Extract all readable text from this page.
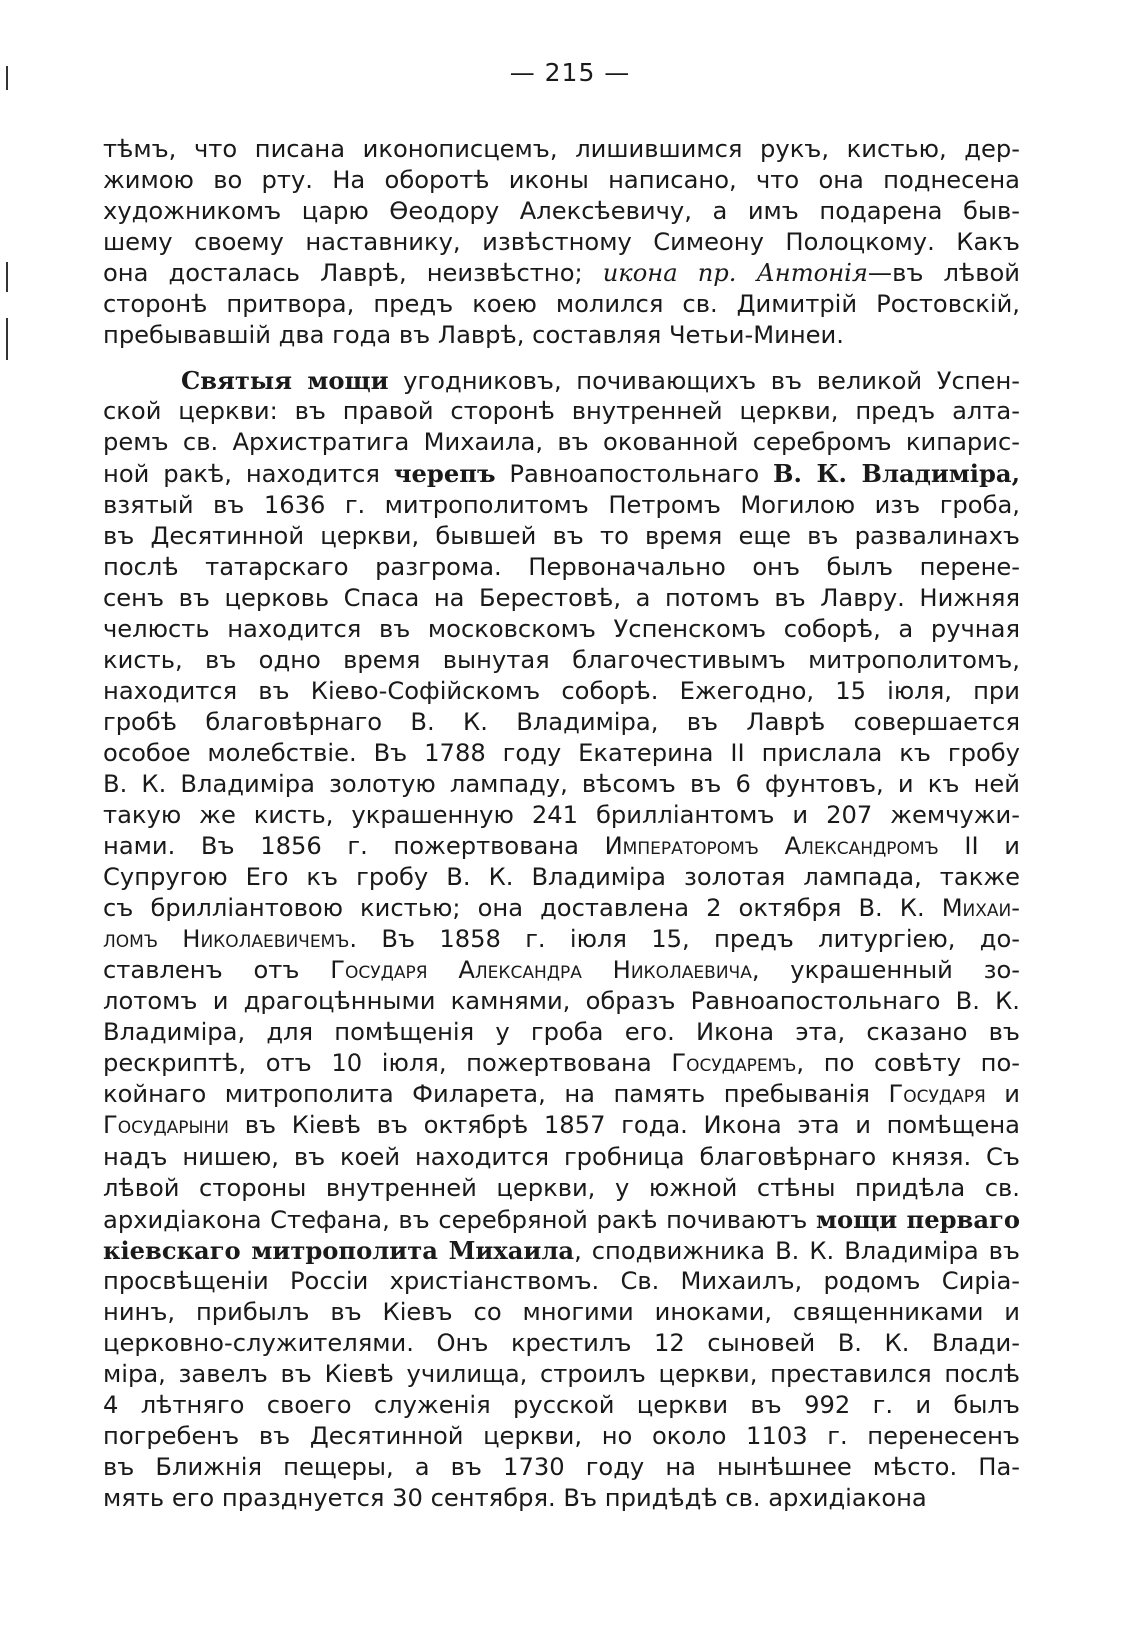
— 215 —
тѣмъ, что писана иконописцемъ, лишившимся рукъ, кистью, дер-
жимою во рту. На оборотѣ иконы написано, что она поднесена
художникомъ царю Ѳеодору Алексѣевичу, а имъ подарена быв-
шему своему наставнику, извѣстному Симеону Полоцкому. Какъ
она досталась Лаврѣ, неизвѣстно; икона пр. Антонія—въ лѣвой
сторонѣ притвора, предъ коею молился св. Димитрій Ростовскій,
пребывавшій два года въ Лаврѣ, составляя Четьи-Минеи.
Святыя мощи угодниковъ, почивающихъ въ великой Успен-
ской церкви: въ правой сторонѣ внутренней церкви, предъ алта-
ремъ св. Архистратига Михаила, въ окованной серебромъ кипарис-
ной ракѣ, находится черепъ Равноапостольнаго В. К. Владиміра,
взятый въ 1636 г. митрополитомъ Петромъ Могилою изъ гроба,
въ Десятинной церкви, бывшей въ то время еще въ развалинахъ
послѣ татарскаго разгрома. Первоначально онъ былъ перене-
сенъ въ церковь Спаса на Берестовѣ, а потомъ въ Лавру. Нижняя
челюсть находится въ московскомъ Успенскомъ соборѣ, а ручная
кисть, въ одно время вынутая благочестивымъ митрополитомъ,
находится въ Кіево-Софійскомъ соборѣ. Ежегодно, 15 іюля, при
гробѣ благовѣрнаго В. К. Владиміра, въ Лаврѣ совершается
особое молебствіе. Въ 1788 году Екатерина II прислала къ гробу
В. К. Владиміра золотую лампаду, вѣсомъ въ 6 фунтовъ, и къ ней
такую же кисть, украшенную 241 бриллiантомъ и 207 жемчужи-
нами. Въ 1856 г. пожертвована Императоромъ Александромъ II и
Супругою Его къ гробу В. К. Владиміра золотая лампада, также
съ бриллiантовою кистью; она доставлена 2 октября В. К. Михаи-
ломъ Николаевичемъ. Въ 1858 г. іюля 15, предъ литургіею, до-
ставленъ отъ Государя Александра Николаевича, украшенный зо-
лотомъ и драгоцѣнными камнями, образъ Равноапостольнаго В. К.
Владиміра, для помѣщенія у гроба его. Икона эта, сказано въ
рескриптѣ, отъ 10 іюля, пожертвована Государемъ, по совѣту по-
койнаго митрополита Филарета, на память пребыванія Государя и
Государыни въ Кіевѣ въ октябрѣ 1857 года. Икона эта и помѣщена
надъ нишею, въ коей находится гробница благовѣрнаго князя. Съ
лѣвой стороны внутренней церкви, у южной стѣны придѣла св.
архидіакона Стефана, въ серебряной ракѣ почиваютъ мощи перваго
кіевскаго митрополита Михаила, сподвижника В. К. Владиміра въ
просвѣщеніи Россіи христіанствомъ. Св. Михаилъ, родомъ Сиріа-
нинъ, прибылъ въ Кіевъ со многими иноками, священниками и
церковно-служителями. Онъ крестилъ 12 сыновей В. К. Влади-
міра, завелъ въ Кіевѣ училища, строилъ церкви, преставился послѣ
4 лѣтняго своего служенія русской церкви въ 992 г. и былъ
погребенъ въ Десятинной церкви, но около 1103 г. перенесенъ
въ Ближнія пещеры, а въ 1730 году на нынѣшнее мѣсто. Па-
мять его празднуется 30 сентября. Въ придѣдѣ св. архидіакона
